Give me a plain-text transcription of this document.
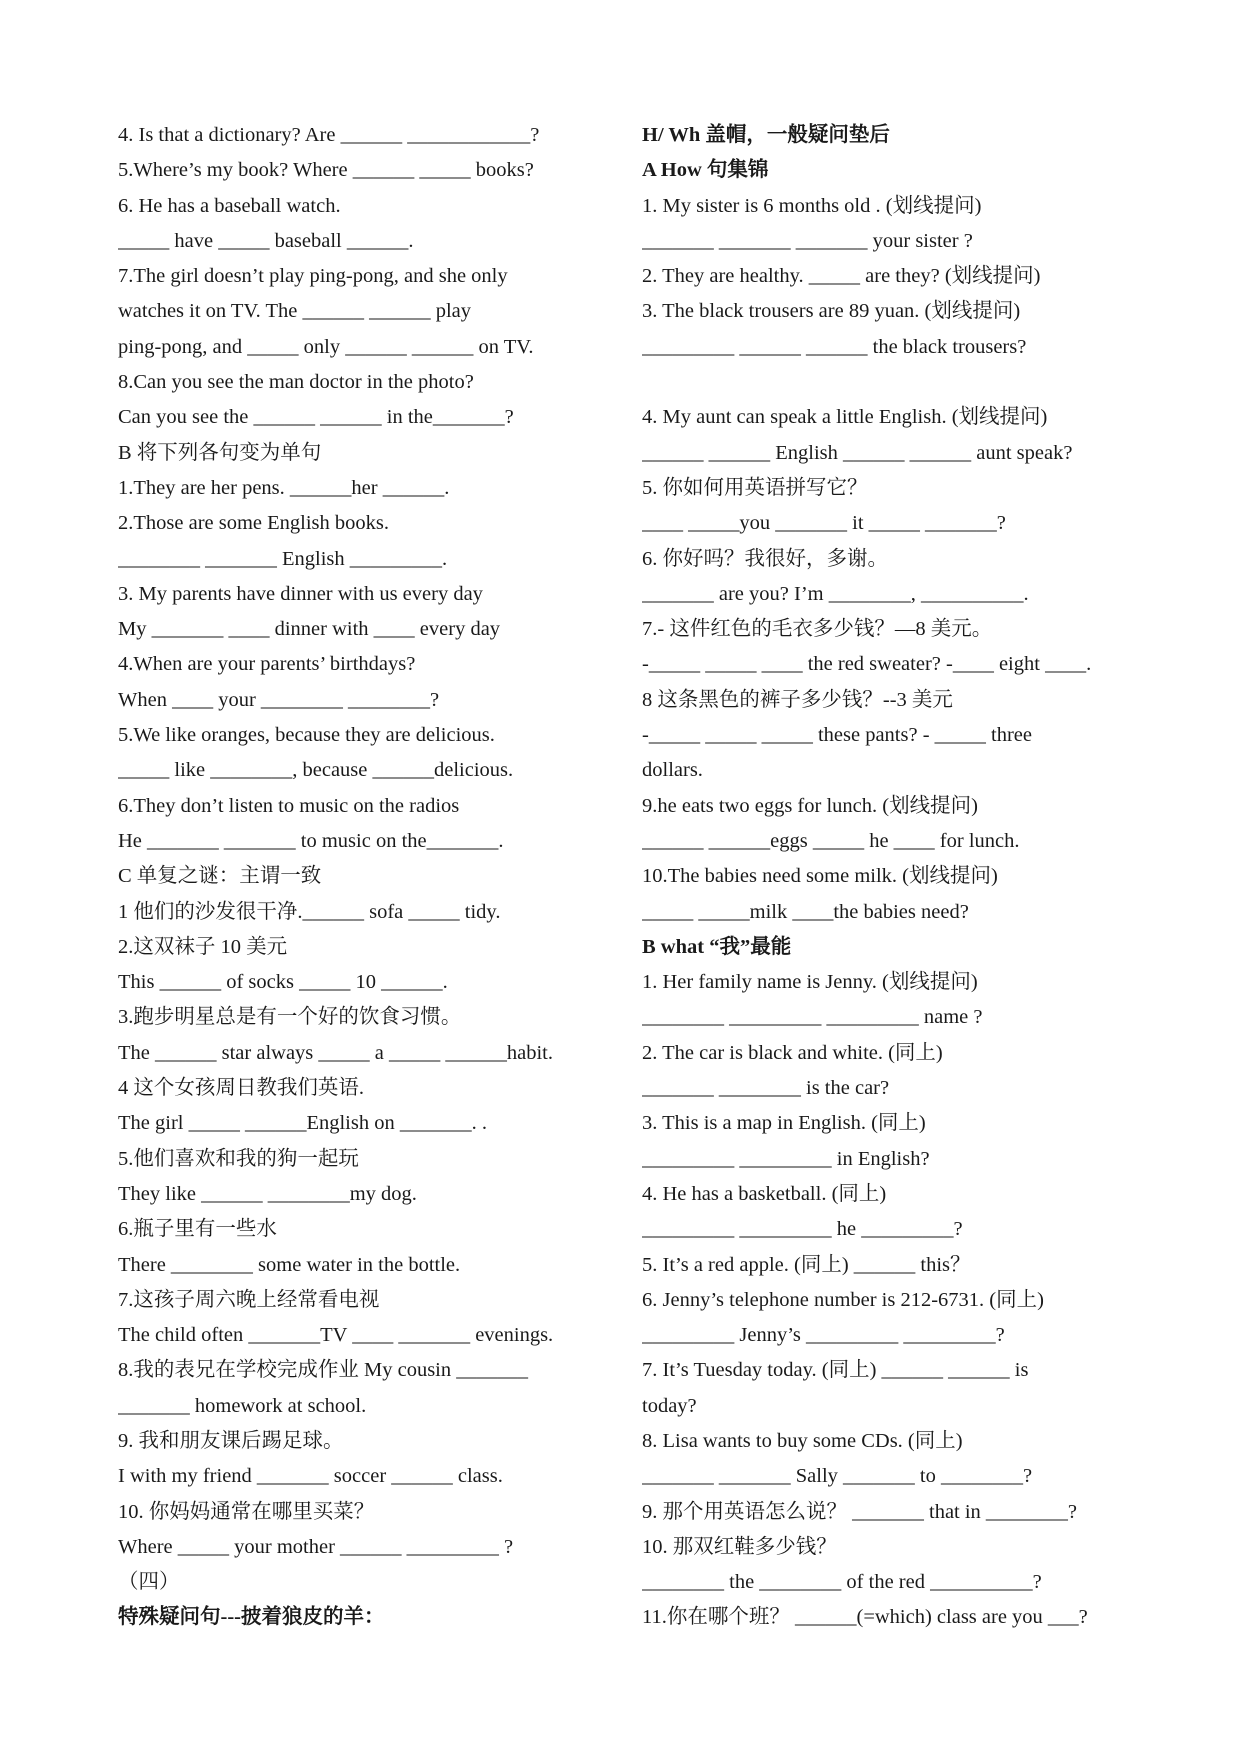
4. Is that a dictionary? Are ______ ____________?
5.Where’s my book? Where ______ _____ books?
6. He has a baseball watch.
_____ have _____ baseball ______.
7.The girl doesn’t play ping-pong, and she only
watches it on TV. The ______ ______ play
ping-pong, and _____ only ______ ______ on TV.
8.Can you see the man doctor in the photo?
Can you see the ______ ______ in the_______?
B 将下列各句变为单句
1.They are her pens. ______her ______.
2.Those are some English books.
________ _______ English _________.
3. My parents have dinner with us every day
My _______ ____ dinner with ____ every day
4.When are your parents’ birthdays?
When ____ your ________ ________?
5.We like oranges, because they are delicious.
_____ like ________, because ______delicious.
6.They don’t listen to music on the radios
He _______ _______ to music on the_______.
C 单复之谜：主谓一致
1 他们的沙发很干净.______ sofa _____ tidy.
2.这双袜子 10 美元
This ______ of socks _____ 10 ______.
3.跑步明星总是有一个好的饮食习惯。
The ______ star always _____ a _____ ______habit.
4 这个女孩周日教我们英语.
The girl _____ ______English on _______. .
5.他们喜欢和我的狗一起玩
They like ______ ________my dog.
6.瓶子里有一些水
There ________ some water in the bottle.
7.这孩子周六晚上经常看电视
The child often _______TV ____ _______ evenings.
8.我的表兄在学校完成作业 My cousin _______
_______ homework at school.
9. 我和朋友课后踢足球。
I with my friend _______ soccer ______ class.
10. 你妈妈通常在哪里买菜？
Where _____ your mother ______ _________ ?
（四）
特殊疑问句---披着狼皮的羊：
H/ Wh 盖帽，一般疑问垫后
A How 句集锦
1. My sister is 6 months old . (划线提问)
_______ _______ _______ your sister ?
2. They are healthy. _____ are they? (划线提问)
3. The black trousers are 89 yuan. (划线提问)
_________ ______ ______ the black trousers?
4. My aunt can speak a little English. (划线提问)
______ ______ English ______ ______ aunt speak?
5. 你如何用英语拼写它？
____ _____you _______ it _____ _______?
6. 你好吗？我很好，多谢。
_______ are you? I’m ________, __________.
7.- 这件红色的毛衣多少钱？—8 美元。
-_____ _____ ____ the red sweater? -____ eight ____.
8 这条黑色的裤子多少钱？--3 美元
-_____ _____ _____ these pants? - _____ three
dollars.
9.he eats two eggs for lunch. (划线提问)
______ ______eggs _____ he ____ for lunch.
10.The babies need some milk. (划线提问)
_____ _____milk ____the babies need?
B what “我”最能
1. Her family name is Jenny. (划线提问)
________ _________ _________ name ?
2. The car is black and white. (同上)
_______ ________ is the car?
3. This is a map in English. (同上)
_________ _________ in English?
4. He has a basketball. (同上)
_________ _________ he _________?
5. It’s a red apple. (同上) ______ this？
6. Jenny’s telephone number is 212-6731. (同上)
_________ Jenny’s _________ _________?
7. It’s Tuesday today. (同上) ______ ______ is
today?
8. Lisa wants to buy some CDs. (同上)
_______ _______ Sally _______ to ________?
9. 那个用英语怎么说？ _______ that in ________?
10. 那双红鞋多少钱？
________ the ________ of the red __________?
11.你在哪个班？ ______(=which) class are you ___?
